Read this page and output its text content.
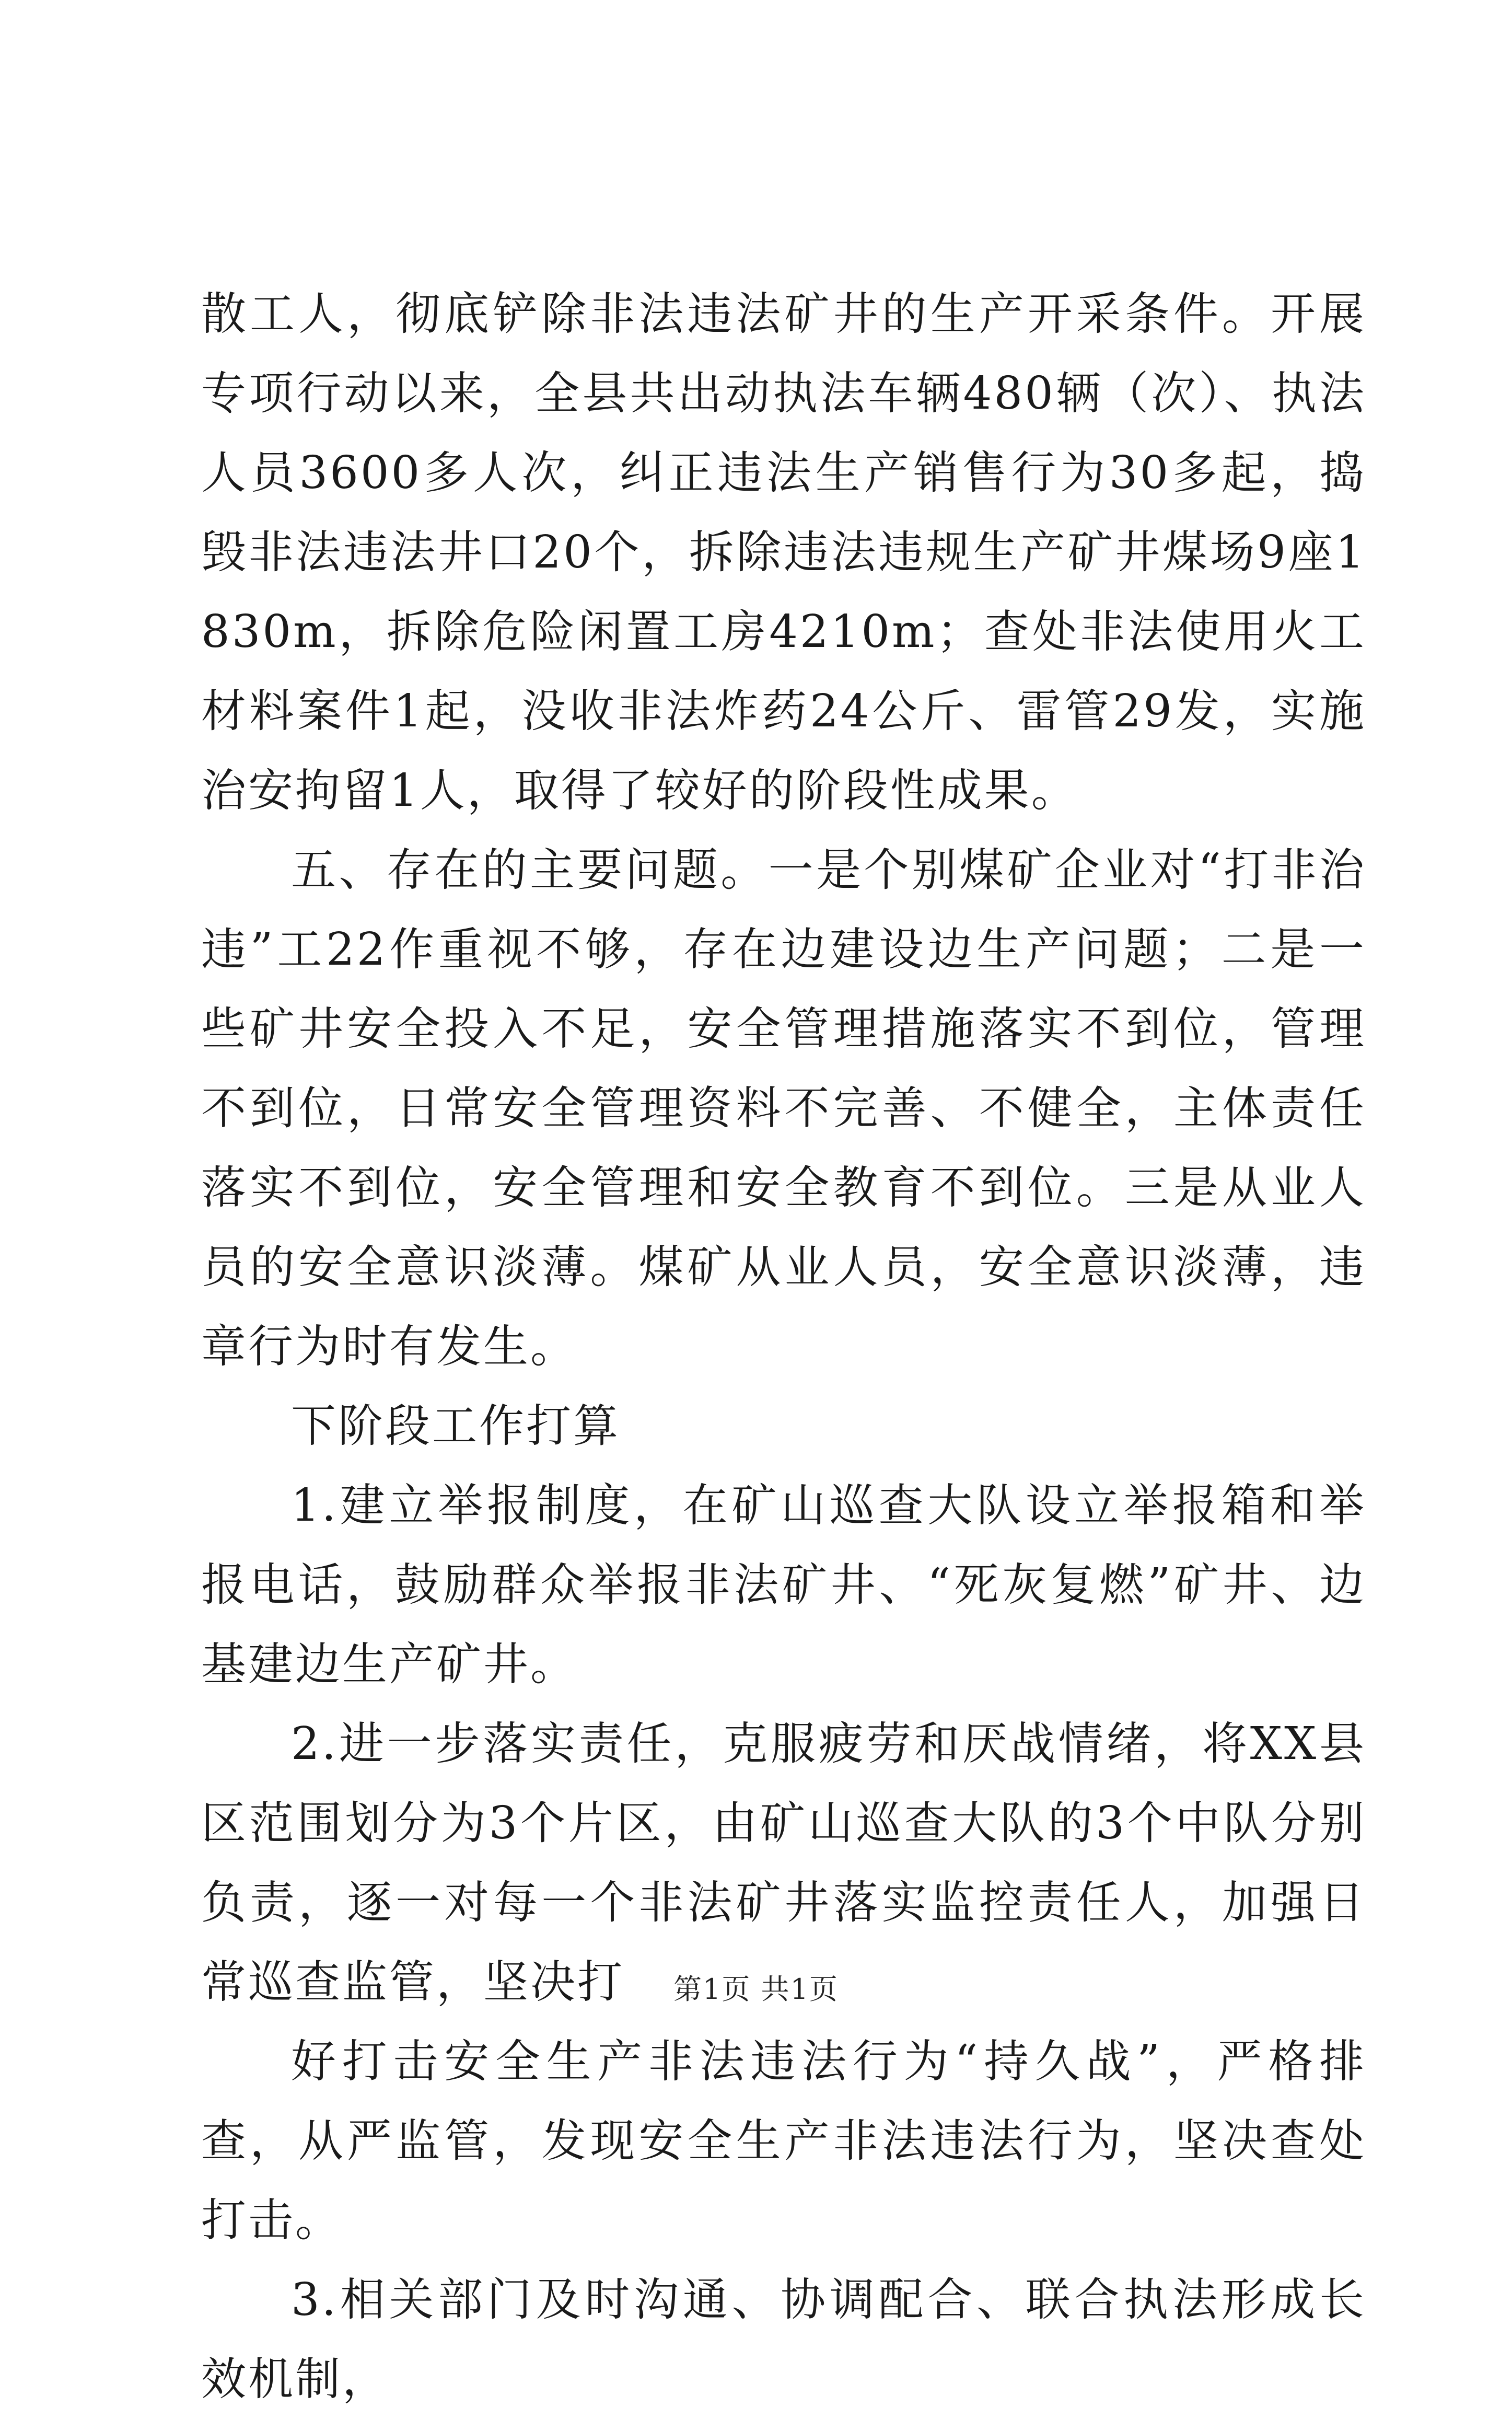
散工人，彻底铲除非法违法矿井的生产开采条件。开展专项行动以来，全县共出动执法车辆480辆（次）、执法人员3600多人次，纠正违法生产销售行为30多起，捣毁非法违法井口20个，拆除违法违规生产矿井煤场9座1830m，拆除危险闲置工房4210m；查处非法使用火工材料案件1起，没收非法炸药24公斤、雷管29发，实施治安拘留1人，取得了较好的阶段性成果。

五、存在的主要问题。一是个别煤矿企业对“打非治违”工22作重视不够，存在边建设边生产问题；二是一些矿井安全投入不足，安全管理措施落实不到位，管理不到位，日常安全管理资料不完善、不健全，主体责任落实不到位，安全管理和安全教育不到位。三是从业人员的安全意识淡薄。煤矿从业人员，安全意识淡薄，违章行为时有发生。

下阶段工作打算

1.建立举报制度，在矿山巡查大队设立举报箱和举报电话，鼓励群众举报非法矿井、“死灰复燃”矿井、边基建边生产矿井。

2.进一步落实责任，克服疲劳和厌战情绪，将XX县区范围划分为3个片区，由矿山巡查大队的3个中队分别负责，逐一对每一个非法矿井落实监控责任人，加强日常巡查监管，坚决打

好打击安全生产非法违法行为“持久战”，严格排查，从严监管，发现安全生产非法违法行为，坚决查处打击。

3.相关部门及时沟通、协调配合、联合执法形成长效机制，

第1页 共1页
